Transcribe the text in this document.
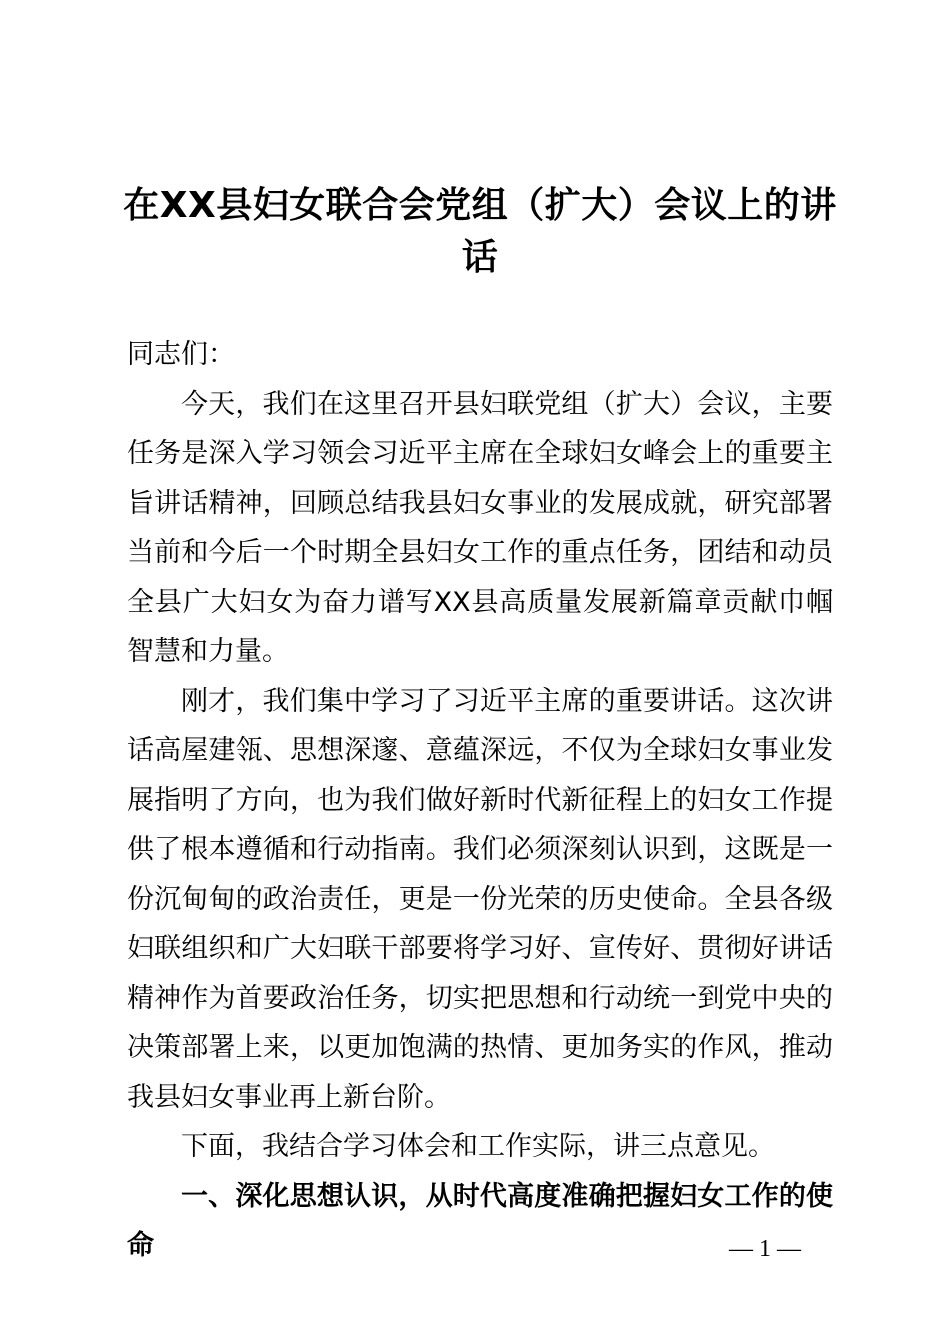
在XX县妇女联合会党组（扩大）会议上的讲话

同志们：

今天，我们在这里召开县妇联党组（扩大）会议，主要任务是深入学习领会习近平主席在全球妇女峰会上的重要主旨讲话精神，回顾总结我县妇女事业的发展成就，研究部署当前和今后一个时期全县妇女工作的重点任务，团结和动员全县广大妇女为奋力谱写XX县高质量发展新篇章贡献巾帼智慧和力量。

刚才，我们集中学习了习近平主席的重要讲话。这次讲话高屋建瓴、思想深邃、意蕴深远，不仅为全球妇女事业发展指明了方向，也为我们做好新时代新征程上的妇女工作提供了根本遵循和行动指南。我们必须深刻认识到，这既是一份沉甸甸的政治责任，更是一份光荣的历史使命。全县各级妇联组织和广大妇联干部要将学习好、宣传好、贯彻好讲话精神作为首要政治任务，切实把思想和行动统一到党中央的决策部署上来，以更加饱满的热情、更加务实的作风，推动我县妇女事业再上新台阶。

下面，我结合学习体会和工作实际，讲三点意见。

一、深化思想认识，从时代高度准确把握妇女工作的使命	— 1 —
